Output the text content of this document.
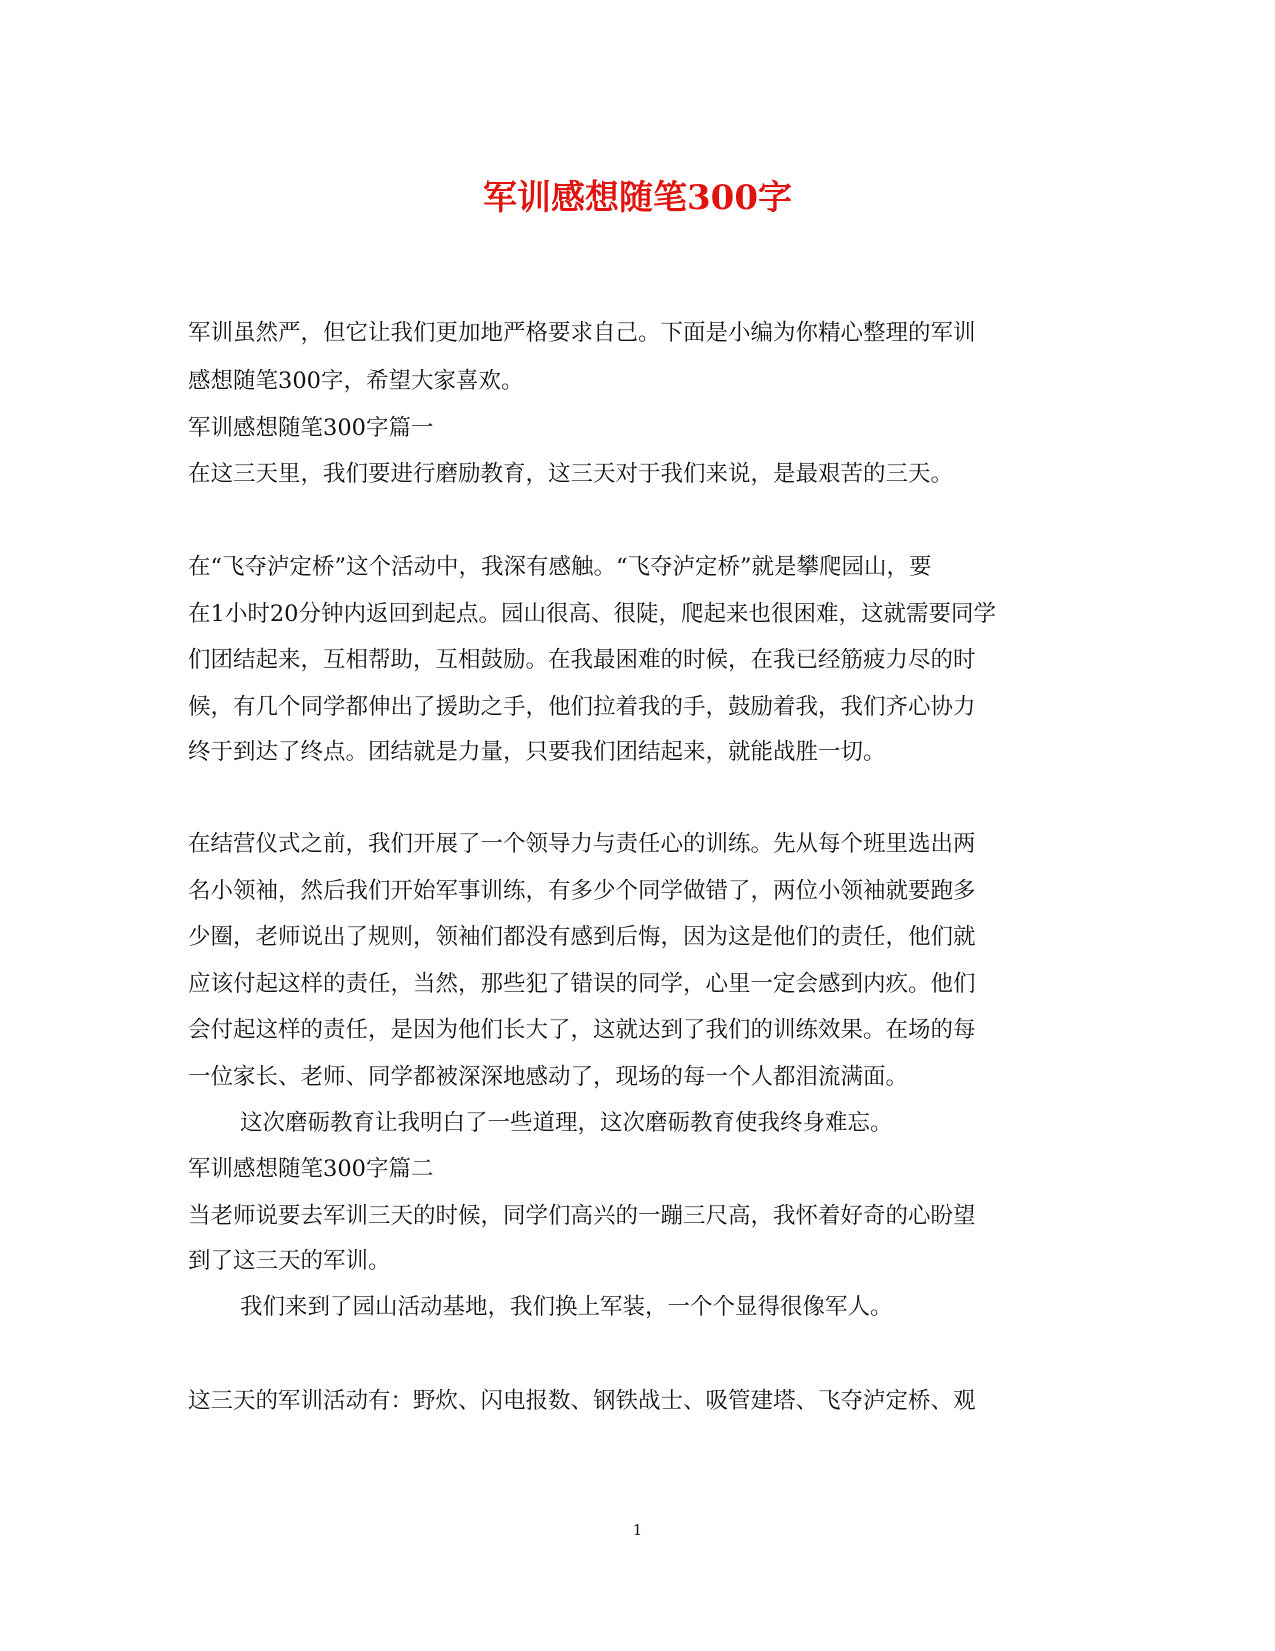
军训感想随笔300字
军训虽然严，但它让我们更加地严格要求自己。下面是小编为你精心整理的军训
感想随笔300字，希望大家喜欢。
军训感想随笔300字篇一
在这三天里，我们要进行磨励教育，这三天对于我们来说，是最艰苦的三天。
在“飞夺泸定桥”这个活动中，我深有感触。“飞夺泸定桥”就是攀爬园山，要
在1小时20分钟内返回到起点。园山很高、很陡，爬起来也很困难，这就需要同学
们团结起来，互相帮助，互相鼓励。在我最困难的时候，在我已经筋疲力尽的时
候，有几个同学都伸出了援助之手，他们拉着我的手，鼓励着我，我们齐心协力
终于到达了终点。团结就是力量，只要我们团结起来，就能战胜一切。
在结营仪式之前，我们开展了一个领导力与责任心的训练。先从每个班里选出两
名小领袖，然后我们开始军事训练，有多少个同学做错了，两位小领袖就要跑多
少圈，老师说出了规则，领袖们都没有感到后悔，因为这是他们的责任，他们就
应该付起这样的责任，当然，那些犯了错误的同学，心里一定会感到内疚。他们
会付起这样的责任，是因为他们长大了，这就达到了我们的训练效果。在场的每
一位家长、老师、同学都被深深地感动了，现场的每一个人都泪流满面。
这次磨砺教育让我明白了一些道理，这次磨砺教育使我终身难忘。
军训感想随笔300字篇二
当老师说要去军训三天的时候，同学们高兴的一蹦三尺高，我怀着好奇的心盼望
到了这三天的军训。
我们来到了园山活动基地，我们换上军装，一个个显得很像军人。
这三天的军训活动有：野炊、闪电报数、钢铁战士、吸管建塔、飞夺泸定桥、观
1
